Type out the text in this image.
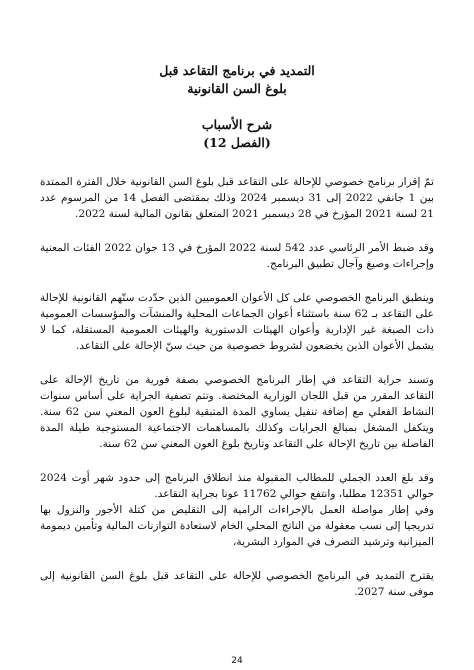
التمديد في برنامج التقاعد قبل
بلوغ السن القانونية
شرح الأسباب
(الفصل 12)

تمّ إقرار برنامج خصوصي للإحالة على التقاعد قبل بلوغ السن القانونية خلال الفترة الممتدة بين 1 جانفي 2022 إلى 31 ديسمبر 2024 وذلك بمقتضى الفصل 14 من المرسوم عدد 21 لسنة 2021 المؤرخ في 28 ديسمبر 2021 المتعلق بقانون المالية لسنة 2022.

وقد ضبط الأمر الرئاسي عدد 542 لسنة 2022 المؤرخ في 13 جوان 2022 الفئات المعنية وإجراءات وصيغ وآجال تطبيق البرنامج.

وينطبق البرنامج الخصوصي على كل الأعوان العموميين الذين حدّدت سنّهم القانونية للإحالة على التقاعد بـ 62 سنة باستثناء أعوان الجماعات المحلية والمنشآت والمؤسسات العمومية ذات الصبغة غير الإدارية وأعوان الهيئات الدستورية والهيئات العمومية المستقلة، كما لا يشمل الأعوان الذين يخضعون لشروط خصوصية من حيث سنّ الإحالة على التقاعد.

وتسند جراية التقاعد في إطار البرنامج الخصوصي بصفة فورية من تاريخ الإحالة على التقاعد المقرر من قبل اللجان الوزارية المختصة. وتتم تصفية الجراية على أساس سنوات النشاط الفعلي مع إضافة تنفيل يساوي المدة المتبقية لبلوغ العون المعني سن 62 سنة. ويتكفل المشغل بمبالغ الجرايات وكذلك بالمساهمات الاجتماعية المستوجبة طيلة المدة الفاصلة بين تاريخ الإحالة على التقاعد وتاريخ بلوغ العون المعني سن 62 سنة.

وقد بلغ العدد الجملي للمطالب المقبولة منذ انطلاق البرنامج إلى حدود شهر أوت 2024 حوالي 12351 مطلبا، وانتفع حوالي 11762 عونا بجراية التقاعد.

وفي إطار مواصلة العمل بالإجراءات الرامية إلى التقليص من كتلة الأجور والنزول بها تدريجيا إلى نسب معقولة من الناتج المحلي الخام لاستعادة التوازنات المالية وتأمين ديمومة الميزانية وترشيد التصرف في الموارد البشرية،

يقترح التمديد في البرنامج الخصوصي للإحالة على التقاعد قبل بلوغ السن القانونية إلى موفى سنة 2027.

24
